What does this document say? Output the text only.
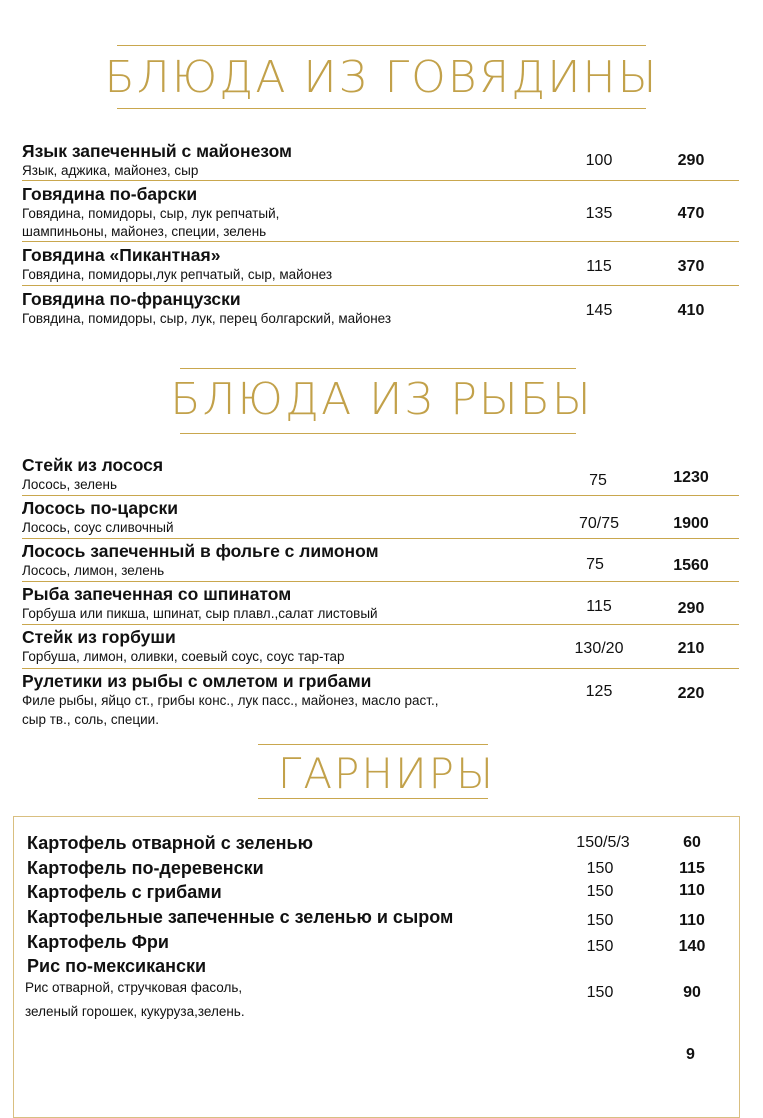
БЛЮДА ИЗ ГОВЯДИНЫ
Язык запеченный с майонезом
Язык, аджика, майонез, сыр
100	290
Говядина по-барски
Говядина, помидоры, сыр, лук репчатый,
шампиньоны, майонез, специи, зелень
135	470
Говядина «Пикантная»
Говядина, помидоры,лук репчатый, сыр, майонез	115	370
Говядина по-французски
Говядина, помидоры, сыр, лук, перец болгарский, майонез	145	410
БЛЮДА ИЗ РЫБЫ
Стейк из лосося
Лосось, зелень	75	1230
Лосось по-царски
Лосось, соус сливочный	70/75	1900
Лосось запеченный в фольге с лимоном
Лосось, лимон, зелень	75	1560
Рыба запеченная со шпинатом
Горбуша или пикша, шпинат, сыр плавл.,салат листовый	115	290
Стейк из горбуши
Горбуша, лимон, оливки, соевый соус, соус тар-тар	130/20	210
Рулетики из рыбы с омлетом и грибами
Филе рыбы, яйцо ст., грибы конс., лук пасс., майонез, масло раст.,
сыр тв., соль, специи.
125	220
ГАРНИРЫ
Картофель отварной с зеленью	150/5/3	60
Картофель по-деревенски	150	115
Картофель с грибами	150	110
Картофельные запеченные с зеленью и сыром	150	110
Картофель Фри	150	140
Рис по-мексикански
Рис отварной, стручковая фасоль,
зеленый горошек, кукуруза,зелень.
150	90
9
